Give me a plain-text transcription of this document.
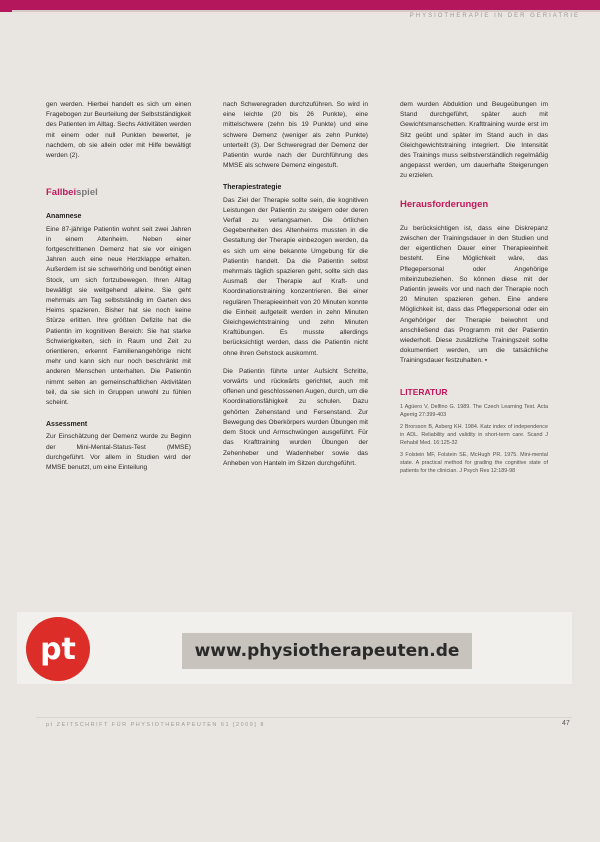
PHYSIOTHERAPIE IN DER GERIATRIE

gen werden. Hierbei handelt es sich um einen Fragebogen zur Beurteilung der Selbstständigkeit des Patienten im Alltag. Sechs Aktivitäten werden mit einem oder null Punkten bewertet, je nachdem, ob sie allein oder mit Hilfe bewältigt werden (2).

Fallbeispiel
Anamnese

Eine 87-jährige Patientin wohnt seit zwei Jahren in einem Altenheim. Neben einer fortgeschrittenen Demenz hat sie vor einigen Jahren auch eine neue Herzklappe erhalten. Außerdem ist sie schwerhörig und benötigt einen Stock, um sich fortzubewegen. Ihren Alltag bewältigt sie weitgehend alleine. Sie geht mehrmals am Tag selbstständig im Garten des Heims spazieren. Bisher hat sie noch keine Stürze erlitten. Ihre größten Defizite hat die Patientin im kognitiven Bereich: Sie hat starke Schwierigkeiten, sich in Raum und Zeit zu orientieren, erkennt Familienangehörige nicht mehr und kann sich nur noch beschränkt mit anderen Menschen unterhalten. Die Patientin nimmt selten an gemeinschaftlichen Aktivitäten teil, da sie sich in Gruppen unwohl zu fühlen scheint.

Assessment

Zur Einschätzung der Demenz wurde zu Beginn der Mini-Mental-Status-Test (MMSE) durchgeführt. Vor allem in Studien wird der MMSE benutzt, um eine Einteilung

nach Schweregraden durchzuführen. So wird in eine leichte (20 bis 26 Punkte), eine mittelschwere (zehn bis 19 Punkte) und eine schwere Demenz (weniger als zehn Punkte) unterteilt (3). Der Schweregrad der Demenz der Patientin wurde nach der Durchführung des MMSE als schwere Demenz eingestuft.

Therapiestrategie

Das Ziel der Therapie sollte sein, die kognitiven Leistungen der Patientin zu steigern oder deren Verfall zu verlangsamen. Die örtlichen Gegebenheiten des Altenheims mussten in die Gestaltung der Therapie einbezogen werden, da es sich um eine bekannte Umgebung für die Patientin handelt. Da die Patientin selbst mehrmals täglich spazieren geht, sollte sich das Ausmaß der Therapie auf Kraft- und Koordinationstraining konzentrieren. Bei einer regulären Therapieeinheit von 20 Minuten konnte die Einheit aufgeteilt werden in zehn Minuten Gleichgewichtstraining und zehn Minuten Kraftübungen. Es musste allerdings berücksichtigt werden, dass die Patientin nicht ohne ihren Gehstock auskommt.

Die Patientin führte unter Aufsicht Schritte, vorwärts und rückwärts gerichtet, auch mit offenen und geschlossenen Augen, durch, um die Koordinationsfähigkeit zu schulen. Dazu gehörten Zehenstand und Fersenstand. Zur Bewegung des Oberkörpers wurden Übungen mit dem Stock und Armschwüngen ausgeführt. Für das Krafttraining wurden Übungen der Zehenheber und Wadenheber sowie das Anheben von Hanteln im Sitzen durchgeführt.

dem wurden Abduktion und Beugeübungen im Stand durchgeführt, später auch mit Gewichtsmanschetten. Krafttraining wurde erst im Sitz geübt und später im Stand auch in das Gleichgewichtstraining integriert. Die Intensität des Trainings muss selbstverständlich regelmäßig angepasst werden, um dauerhafte Steigerungen zu erzielen.

Herausforderungen

Zu berücksichtigen ist, dass eine Diskrepanz zwischen der Trainingsdauer in den Studien und der eigentlichen Dauer einer Therapieeinheit besteht. Eine Möglichkeit wäre, das Pflegepersonal oder Angehörige miteinzubeziehen. So können diese mit der Patientin jeweils vor und nach der Therapie noch 20 Minuten spazieren gehen. Eine andere Möglichkeit ist, dass das Pflegepersonal oder ein Angehöriger der Therapie beiwohnt und anschließend das Programm mit der Patientin wiederholt. Diese zusätzliche Trainingszeit sollte dokumentiert werden, um die tatsächliche Trainingsdauer festzuhalten. ▪

LITERATUR
1 Agüero V, Delfino G. 1989. The Czech Learning Test. Acta Agerrig 27:399-403
2 Brorsson B, Asberg KH. 1984. Katz index of independence in ADL. Reliability and validity in short-term care. Scand J Rehabil Med. 16:125-32
3 Folstein MF, Folstein SE, McHugh PR. 1975. Mini-mental state. A practical method for grading the cognitive state of patients for the clinician. J Psych Res 12:189-98
pt	www.physiotherapeuten.de
pt ZEITSCHRIFT FÜR PHYSIOTHERAPEUTEN 61 [2009] 8	47
